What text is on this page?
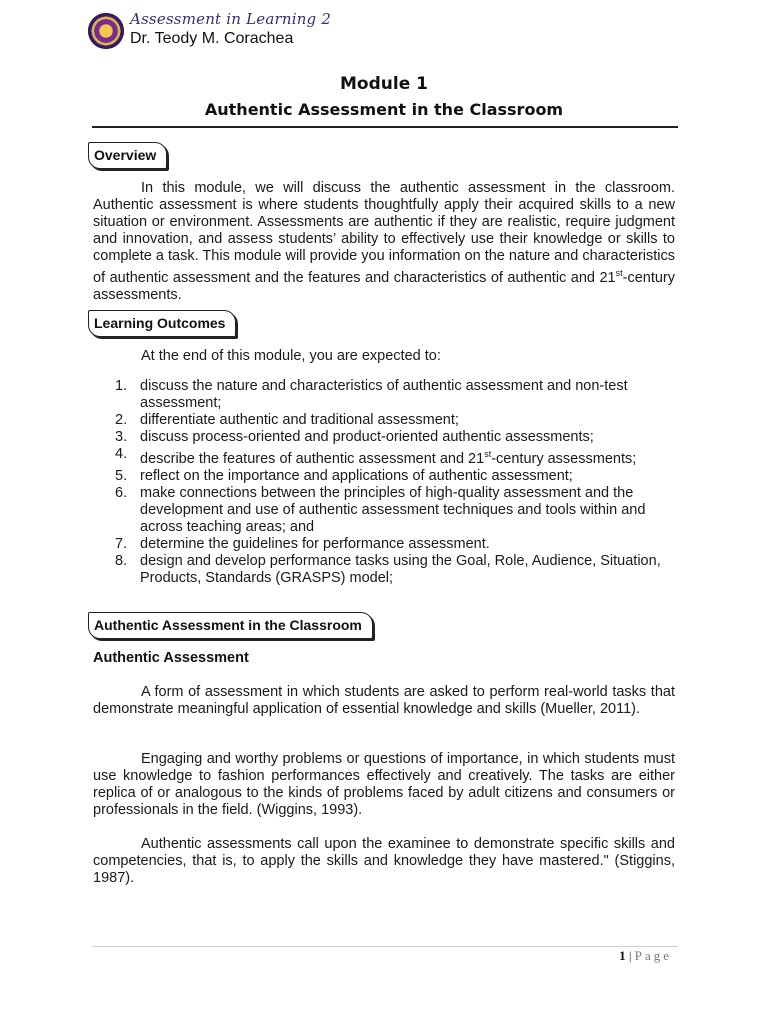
Assessment in Learning 2
Dr. Teody M. Corachea
Module 1
Authentic Assessment in the Classroom
Overview

In this module, we will discuss the authentic assessment in the classroom. Authentic assessment is where students thoughtfully apply their acquired skills to a new situation or environment. Assessments are authentic if they are realistic, require judgment and innovation, and assess students’ ability to effectively use their knowledge or skills to complete a task. This module will provide you information on the nature and characteristics of authentic assessment and the features and characteristics of authentic and 21st-century assessments.

Learning Outcomes

At the end of this module, you are expected to:

1. discuss the nature and characteristics of authentic assessment and non-test assessment;
2. differentiate authentic and traditional assessment;
3. discuss process-oriented and product-oriented authentic assessments;
4. describe the features of authentic assessment and 21st-century assessments;
5. reflect on the importance and applications of authentic assessment;
6. make connections between the principles of high-quality assessment and the development and use of authentic assessment techniques and tools within and across teaching areas; and
7. determine the guidelines for performance assessment.
8. design and develop performance tasks using the Goal, Role, Audience, Situation, Products, Standards (GRASPS) model;
Authentic Assessment in the Classroom
Authentic Assessment

A form of assessment in which students are asked to perform real-world tasks that demonstrate meaningful application of essential knowledge and skills (Mueller, 2011).

Engaging and worthy problems or questions of importance, in which students must use knowledge to fashion performances effectively and creatively. The tasks are either replica of or analogous to the kinds of problems faced by adult citizens and consumers or professionals in the field. (Wiggins, 1993).

Authentic assessments call upon the examinee to demonstrate specific skills and competencies, that is, to apply the skills and knowledge they have mastered." (Stiggins, 1987).

1 | Page
